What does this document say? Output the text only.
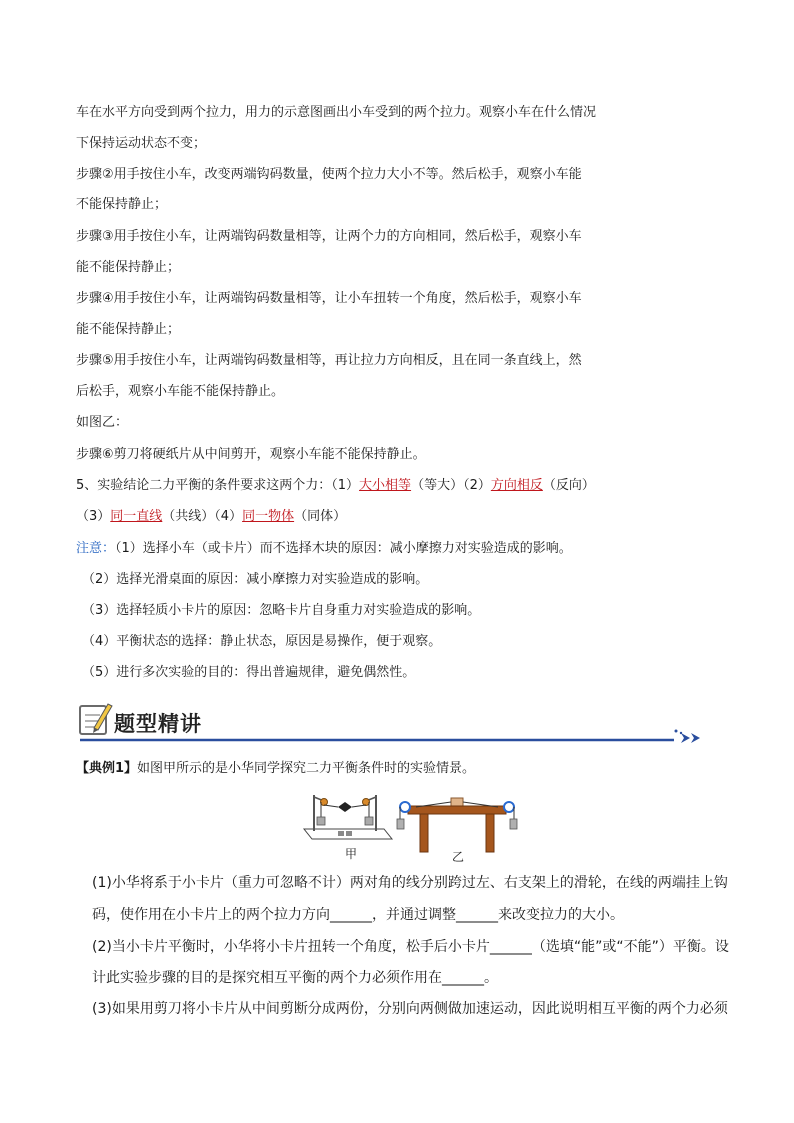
车在水平方向受到两个拉力，用力的示意图画出小车受到的两个拉力。观察小车在什么情况
下保持运动状态不变；
步骤②用手按住小车，改变两端钩码数量，使两个拉力大小不等。然后松手，观察小车能
不能保持静止；
步骤③用手按住小车，让两端钩码数量相等，让两个力的方向相同，然后松手，观察小车
能不能保持静止；
步骤④用手按住小车，让两端钩码数量相等，让小车扭转一个角度，然后松手，观察小车
能不能保持静止；
步骤⑤用手按住小车，让两端钩码数量相等，再让拉力方向相反，且在同一条直线上，然
后松手，观察小车能不能保持静止。
如图乙：
步骤⑥剪刀将硬纸片从中间剪开，观察小车能不能保持静止。
5、实验结论二力平衡的条件要求这两个力：（1）大小相等（等大）（2）方向相反（反向）
（3）同一直线（共线）（4）同一物体（同体）
注意：（1）选择小车（或卡片）而不选择木块的原因：减小摩擦力对实验造成的影响。
（2）选择光滑桌面的原因：减小摩擦力对实验造成的影响。
（3）选择轻质小卡片的原因：忽略卡片自身重力对实验造成的影响。
（4）平衡状态的选择：静止状态，原因是易操作，便于观察。
（5）进行多次实验的目的：得出普遍规律，避免偶然性。
题型精讲
【典例1】如图甲所示的是小华同学探究二力平衡条件时的实验情景。
甲	乙
(1)小华将系于小卡片（重力可忽略不计）两对角的线分别跨过左、右支架上的滑轮，在线的两端挂上钩
码，使作用在小卡片上的两个拉力方向______，并通过调整______来改变拉力的大小。
(2)当小卡片平衡时，小华将小卡片扭转一个角度，松手后小卡片______（选填“能”或“不能”）平衡。设
计此实验步骤的目的是探究相互平衡的两个力必须作用在______。
(3)如果用剪刀将小卡片从中间剪断分成两份，分别向两侧做加速运动，因此说明相互平衡的两个力必须
